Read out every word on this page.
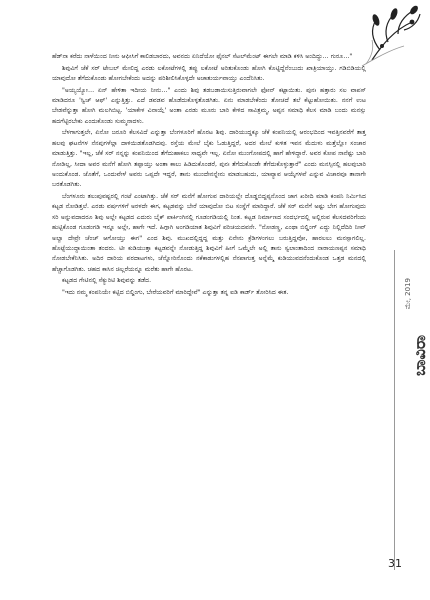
ಹೆಡ್‌ನಾ ಕರೆದು ನಾಳೆಯಿಂದ ನೀನು ಆಫೀಸಿಗೆ ಕಾಲಿಡಬಾರದು, ಅವನದು ಏನಿದೆಯೋ ಫೈನಲ್ ಸೆಟಲ್‌ಮೆಂಟ್ ಈಗಲೇ ಮಾಡಿ ಕಳಿಸಿ ಅಂದಿದ್ದು… ಗುರೂ…"

ಶಿವುವಿಗೆ ಜೆಕೆ ಸರ್ ಟೇಬಲ್ ಮೇಲಿದ್ದ ಎರಡು ಲಕೋಟೆಗಳಲ್ಲಿ ತಪ್ಪು ಲಕೋಟೆ ಅರಿತುಕೊಂಡು ಹೋಗಿ ಕೊಟ್ಟಿದ್ದೆನೆಂಬುದು ಖಾತ್ರಿಯಾಯ್ತು. ಗಡಿಬಿಡಿಯಲ್ಲಿ ಯಾವುದೋ ತೆಗೆದುಕೊಂಡು ಹೋಗಬೇಕೆಂದು ಅದನ್ನು ಪರಿಶೀಲಿಸಿಕೊಳ್ಳದೇ ಅಚಾತುರ್ಯವಾಯ್ತು ಎಂದೆನಿಸಿತು.

"ಅಯ್ಯಯ್ಯೋ… ಏನ್ ಹೇಳಿತಾ ಇದೀಯ ನೀನು…" ಎಂದು ಶಿವು ತಡಬಡಾಯಿಸುತ್ತಿರುವಾಗಲೇ ಫೋನ್ ಕಟ್ಟಾಯಿತು. ಪುನಃ ಹತ್ತಾರು ಸಲ ವಾಪಸ್ ಮಾಡಿದರೂ 'ಸ್ವಿಚ್ ಆಫ್' ಎನ್ನುತ್ತಿತ್ತು. ಎದೆ ಡವಡವ ಹೊಡೆದುಕೊಳ್ಳತೊಡಗಿತು. ಏನು ಮಾಡಬೇಕೆಂದು ತೋಚದೆ ತಲೆ ಕೆಟ್ಟುಹೋಯಿತು. ನನಗೆ ಉಟ ಬೇಡವೆನ್ನುತ್ತಾ ಹೋಗಿ ಮಲಗಿಬಿಟ್ಟ. 'ಯಾಕೇಳ ವಿನಾಯ್ಗೆ' ಅಂತಾ ಎರಡು ಮೂರು ಬಾರಿ ಕೇಳಿದ ಸಾವಿತ್ರಮ್ಮ, ಅಪ್ಪನ ಸಮಾಧಿ ಕೆಲಸ ಮಾಡಿ ಬಂದು ಮನಸ್ಸು ಹದಗೆಟ್ಟಿರಬೇಕು ಎಂದುಕೊಂಡು ಸುಮ್ಮನಾದಳು.

ಬೆಳಗಾಗುತ್ತಲೇ, ಏನೋ ಜರೂರಿ ಕೆಲಸವಿದೆ ಎನ್ನುತ್ತಾ ಬೆಂಗಳೂರಿಗೆ ಹೊರಟ ಶಿವು. ದಾರಿಯುದ್ದಕ್ಕೂ ಜೆಕೆ ಕಂಪನಿಯಲ್ಲಿ ಆರಂಭದಿಂದ ಇವತ್ತಿನವರೆಗೆ ತಾತ್ತ ಹಲವು ಘಟನೆಗಳ ನೆನಪುಗಳೆಲ್ಲಾ ದಾಳಿಯಿಡತೊಡಗಿದವು. ರಸ್ತೆಯ ಮೇಲೆ ಬೈಕು ಓಡುತ್ತಿದ್ದರೆ, ಅದರ ಮೇಲೆ ಕುಳಿತ ಇವನ ಮೆದುಳು ಮತ್ತೆಲ್ಲೋ ಸಂಚಾರ ಮಾಡುತ್ತಿತ್ತು. "ಇಲ್ಲ, ಜೆಕೆ ಸರ್ ನನ್ನನ್ನು ಕಂಪನಿಯಿಂದ ತೆಗೆದುಹಾಕಲು ಸಾಧ್ಯವೇ ಇಲ್ಲ. ಏನೋ ಮುಂಗೋಪದಲ್ಲಿ ಹಾಗೆ ಹೇಳಿದ್ದಾರೆ. ಅವರ ಕೋಪ ನಾನೆಷ್ಟು ಬಾರಿ ನೋಡಿಲ್ಲ, ಸೀದಾ ಅವರ ಮನೆಗೆ ಹೋಗಿ ತಪ್ಪಾಯ್ತು ಅಂತಾ ಕಾಲು ಹಿಡಿದುಕೊಂಡರೆ, ಪುನಃ ತೆಗೆದುಕೊಂಡೇ ತೆಗೆದುಕೊಳ್ಳುತ್ತಾರೆ" ಎಂದು ಮನಸ್ಸಿನಲ್ಲಿ ಹಲವುಬಾರಿ ಅಂದುಕೊಂಡ. ಜೊತೆಗೆ, ಒಂದುವೇಳೆ ಅವರು ಒಪ್ಪದೇ ಇದ್ದರೆ, ತಾನು ಮುಂದೇನನ್ನೇನು ಮಾಡಬಹುದು, ಯಾವ್ಯಾವ ಆಯ್ಕೆಗಳವೆ ಎನ್ನುವ ವಿಚಾರವೂ ತಾನಾಗೇ ಬರತೊಡಗಿತು.

ಬೆಂಗಳೂರು ತಲುಪುವಷ್ಟರಲ್ಲಿ ಗಂಟೆ ಎಂಟಾಗಿತ್ತು. ಜೆಕೆ ಸರ್ ಮನೆಗೆ ಹೋಗುವ ದಾರಿಯಲ್ಲೇ ದೊಡ್ಡಬಿದ್ದಪ್ಪನೊಂದ ಜಾಗ ಖರೀದಿ ಮಾಡಿ ಕಂಪನಿ ನಿರ್ಮಿಸಿದ ಕಟ್ಟಡ ನೋಡಿತ್ತಲೆ. ಎರಡು ವರ್ಷಗಳಿಗೆ ಅರಳದೇ ಈಗ, ಕಟ್ಟಡವನ್ನು ಬೇರೆ ಯಾವುದೋ ಬಿಟ ಸಂಸ್ಥೆಗೆ ಮಾರಿದ್ದಾರೆ. ಜೆಕೆ ಸರ್ ಮನೆಗೆ ಅಷ್ಟು ಬೇಗ ಹೋಗುವುದು ಸರಿ ಅನ್ನುವದಾದರೂ ಶಿವು ಅಲ್ಲೇ ಕಟ್ಟಡದ ಎದುರು ಬೈಕ್ ಪಾರ್ಕಿಂಗಿನಲ್ಲಿ ಗೂಡಂಗಡಿಯಲ್ಲಿ ನಿಂತ. ಕಟ್ಟಡ ನಿರ್ಮಾಣದ ಸಂದರ್ಭದಲ್ಲಿ ಅಲ್ಲಿರುವ ಕೆಲಸದವರಿಗೆಂದು ಹುಟ್ಟಿಕೊಂಡ ಗೂಡಂಗಡಿ ಇನ್ನೂ ಅಲ್ಲೇ, ಹಾಗೇ ಇದೆ. ಹಿಗ್ಗಾಗಿ ಅಂಗಡಿಯಾತ ಶಿವುವಿಗೆ ಪರಿಚಯದವನೇ. "ನೋಡಣ್ಣ, ಎಂಥಾ ಬಿಲ್ಡಿಂಗ್ ಎದ್ದು ನಿಲ್ಲಿದೆದಿರಿ ನೀವ್ ಅಲ್ವಾ ದೇವ್ರೇ ಚೆಂಚ್ ಆಗೋಯ್ತು ಈಗ" ಎಂದ ಶಿವು. ಮುಖದಲ್ಲಿದ್ದದ್ದ ಮತ್ತು ಏನೇನು ಕ್ರೆಡಿಗಳಂಗಲು ಬರುತ್ತಿದ್ದವೋ, ಹಾರಲಲು ಮನಸ್ಸಾಗಲಿಲ್ಲ. ಹೊಟ್ಟೆಯುದ್ದಾಯಿಂತಾ ತಂದರು. ಟೀ ಕುಡಿಯುತ್ತಾ ಕಟ್ಟಡವನ್ನೇ ನೋಡುತ್ತಿದ್ದ ಶಿವುವಿಗೆ ಹೀಗೆ ಒಮ್ಮೆಲೇ ಅಲ್ಲಿ ತಾನು ಸ್ವಲಾಂತಾದಿಂದ ನಾರಾಯಣಪ್ಪನ ಸಮಾಧಿ ನೋಡಬೇಕೆನಿಸಿತು. ಅದಿರ ದಾರಿಯ ಪರದಾಟಗಳು, ಜೆನ್ನೋರಿನೊಂದು ನಕೆಕಾಡುಗಳಲ್ಲಿಹ ನೆನಪಾಗುತ್ತ ಅನ್ನೆಮ್ಮೆ ಕುಡಿಯುವದನೆಂದುಕೊಂಡ ಒತ್ತಡ ಮನದಲ್ಲಿ ಹೆಚ್ಚಾಗೊಡಗಿತು. ಚಹದ ಕಾಸಿನ ಚಿಲ್ಲರೆಯನ್ನೂ ಮರೆತು ಹಾಗೇ ಹೊರಟ.

ಕಟ್ಟಡದ ಗೇಟಿನಲ್ಲಿ ಸೆಕ್ಯುರಿಟಿ ಶಿವುವನ್ನು ತಡೆದ.

"ಇದು ನಮ್ಮ ಕಂಪನಿಯೇ ಕಟ್ಟಿದ ಬಿಲ್ಡಿಂಗು, ಬೇರೆಯವರಿಗೆ ಮಾರಿದ್ದೇವೆ" ಎನ್ನುತ್ತಾ ತನ್ನ ಐಡಿ ಕಾರ್ಡ್ ತೋರಿಸಿದ ಈತ.	ಮೇ, 2019
ಬಾವಿರಾ
31
